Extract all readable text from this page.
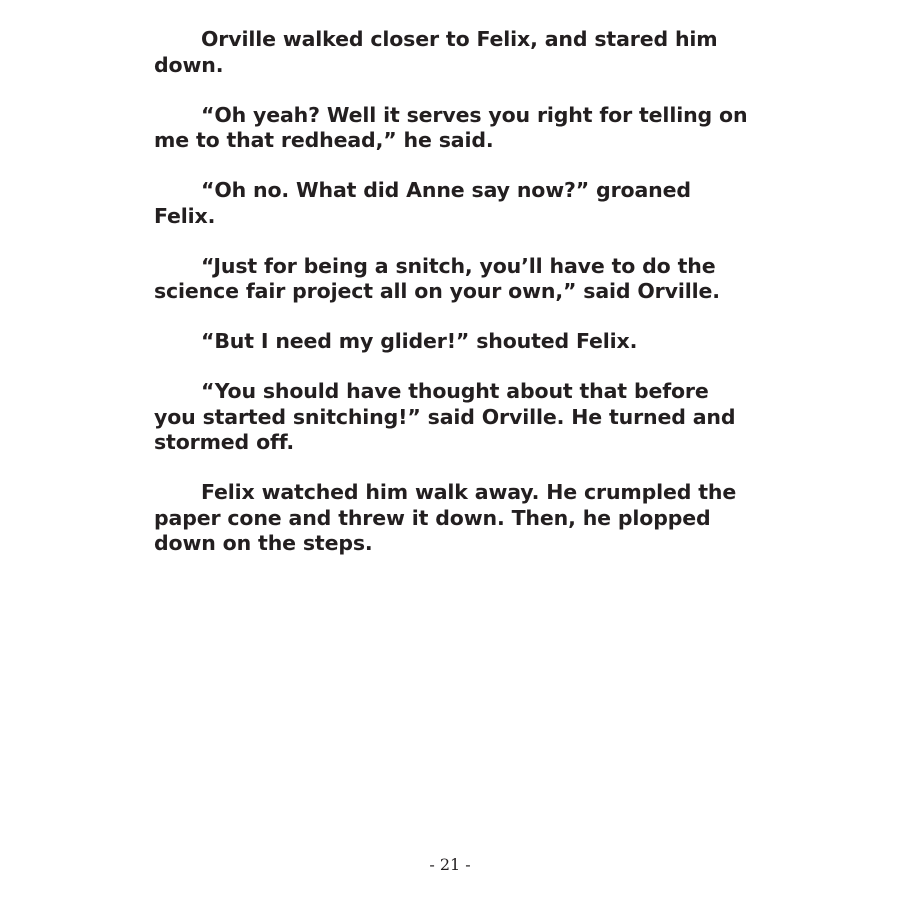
Orville walked closer to Felix, and stared him down.

“Oh yeah? Well it serves you right for telling on me to that redhead,” he said.

“Oh no. What did Anne say now?” groaned Felix.

“Just for being a snitch, you’ll have to do the science fair project all on your own,” said Orville.

“But I need my glider!” shouted Felix.

“You should have thought about that before you started snitching!” said Orville. He turned and stormed off.

Felix watched him walk away. He crumpled the paper cone and threw it down. Then, he plopped down on the steps.

- 21 -
